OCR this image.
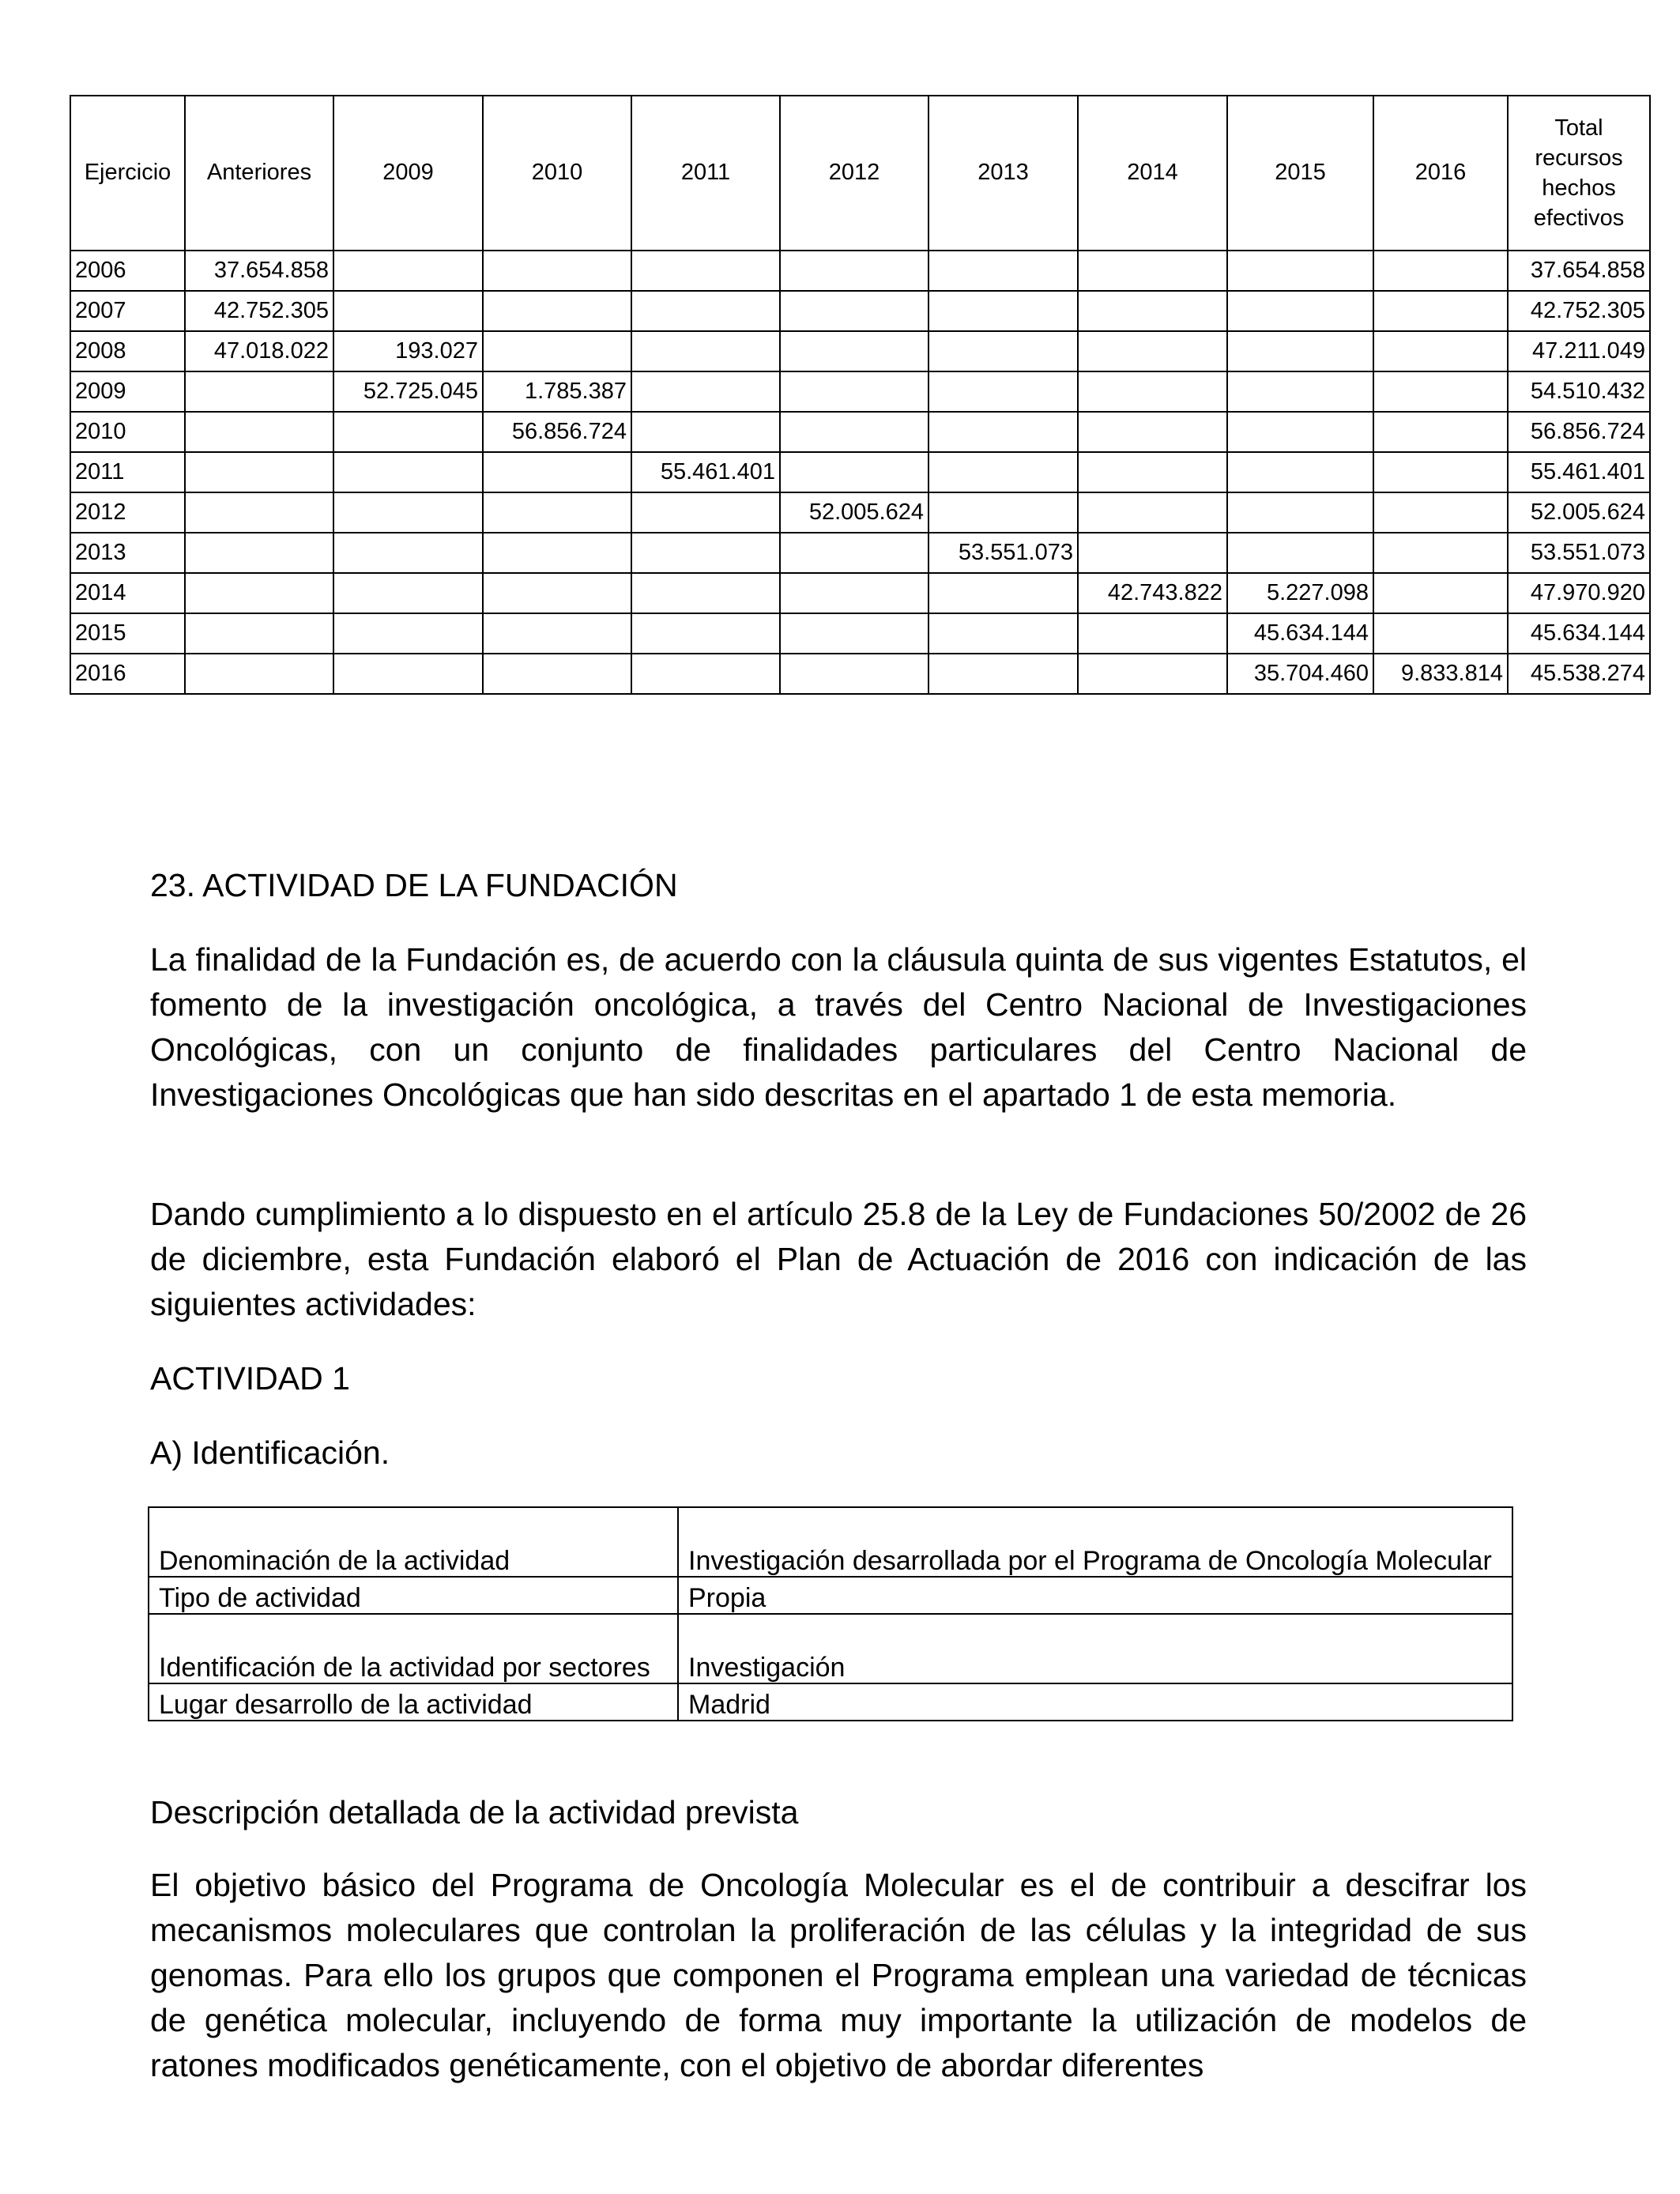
Ejercicio	Anteriores	2009	2010	2011	2012	2013	2014	2015	2016	Total recursos hechos efectivos
2006	37.654.858									37.654.858
2007	42.752.305									42.752.305
2008	47.018.022	193.027								47.211.049
2009		52.725.045	1.785.387							54.510.432
2010			56.856.724							56.856.724
2011				55.461.401						55.461.401
2012					52.005.624					52.005.624
2013						53.551.073				53.551.073
2014							42.743.822	5.227.098		47.970.920
2015								45.634.144		45.634.144
2016								35.704.460	9.833.814	45.538.274

23. ACTIVIDAD DE LA FUNDACIÓN

La finalidad de la Fundación es, de acuerdo con la cláusula quinta de sus vigentes Estatutos, el fomento de la investigación oncológica, a través del Centro Nacional de Investigaciones Oncológicas, con un conjunto de finalidades particulares del Centro Nacional de Investigaciones Oncológicas que han sido descritas en el apartado 1 de esta memoria.

Dando cumplimiento a lo dispuesto en el artículo 25.8 de la Ley de Fundaciones 50/2002 de 26 de diciembre, esta Fundación elaboró el Plan de Actuación de 2016 con indicación de las siguientes actividades:

ACTIVIDAD 1

A) Identificación.

Denominación de la actividad	Investigación desarrollada por el Programa de Oncología Molecular
Tipo de actividad	Propia
Identificación de la actividad por sectores	Investigación
Lugar desarrollo de la actividad	Madrid

Descripción detallada de la actividad prevista

El objetivo básico del Programa de Oncología Molecular es el de contribuir a descifrar los mecanismos moleculares que controlan la proliferación de las células y la integridad de sus genomas. Para ello los grupos que componen el Programa emplean una variedad de técnicas de genética molecular, incluyendo de forma muy importante la utilización de modelos de ratones modificados genéticamente, con el objetivo de abordar diferentes
